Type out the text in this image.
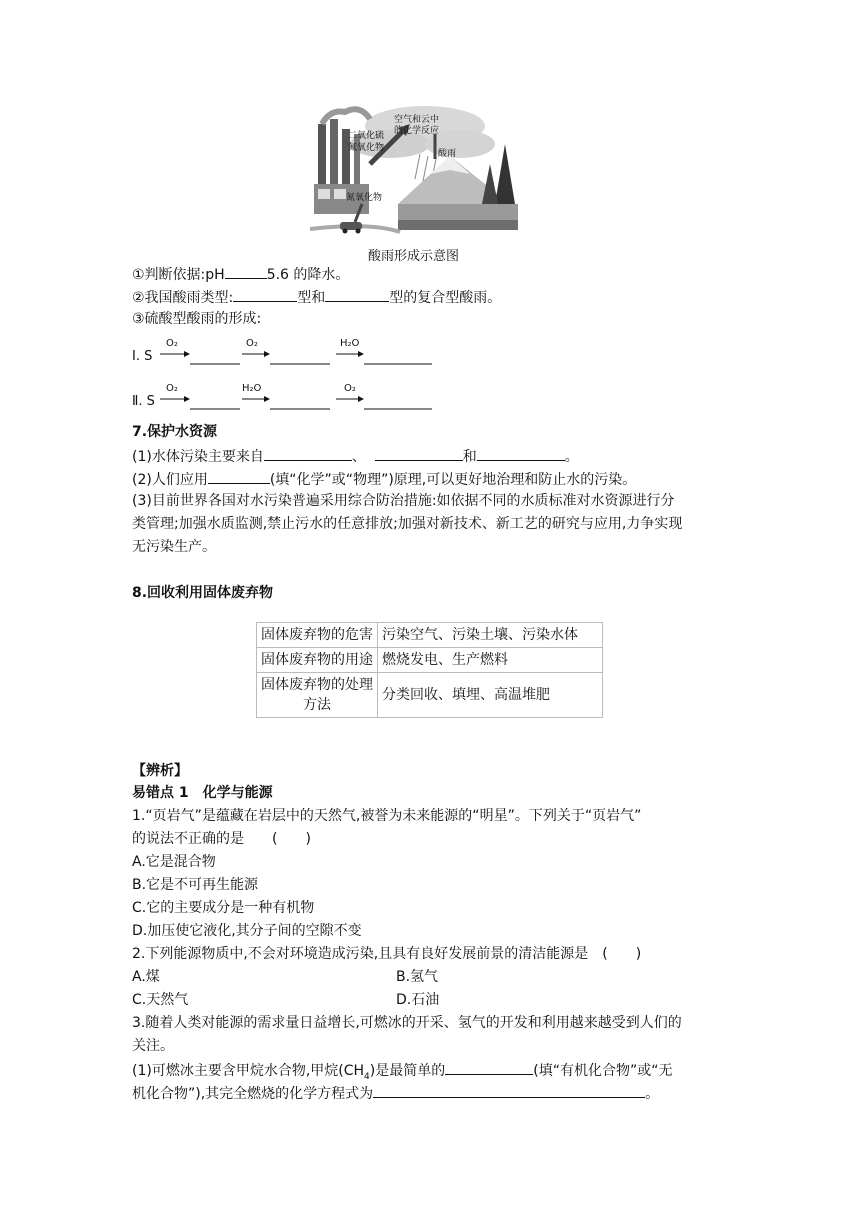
空气和云中
的化学反应
二氧化硫
氮氧化物
酸雨
氮氧化物
酸雨形成示意图
①判断依据:pH	5.6 的降水。
②我国酸雨类型:	型和	型的复合型酸雨。
③硫酸型酸雨的形成:
Ⅰ. S
O₂	O₂	H₂O
Ⅱ. S
O₂	H₂O	O₂
7.保护水资源
(1)水体污染主要来自	、	和	。
(2)人们应用	(填“化学”或“物理”)原理,可以更好地治理和防止水的污染。
(3)目前世界各国对水污染普遍采用综合防治措施:如依据不同的水质标准对水资源进行分
类管理;加强水质监测,禁止污水的任意排放;加强对新技术、新工艺的研究与应用,力争实现
无污染生产。
8.回收利用固体废弃物
固体废弃物的危害	污染空气、污染土壤、污染水体
固体废弃物的用途	燃烧发电、生产燃料
固体废弃物的处理方法	分类回收、填埋、高温堆肥
【辨析】
易错点 1　化学与能源
1.“页岩气”是蕴藏在岩层中的天然气,被誉为未来能源的“明星”。下列关于“页岩气”
的说法不正确的是　　(　　)
A.它是混合物
B.它是不可再生能源
C.它的主要成分是一种有机物
D.加压使它液化,其分子间的空隙不变
2.下列能源物质中,不会对环境造成污染,且具有良好发展前景的清洁能源是　(　　)
A.煤	B.氢气
C.天然气	D.石油
3.随着人类对能源的需求量日益增长,可燃冰的开采、氢气的开发和利用越来越受到人们的
关注。
(1)可燃冰主要含甲烷水合物,甲烷$(CH_4)$是最简单的	(填“有机化合物”或“无
机化合物”),其完全燃烧的化学方程式为	。
